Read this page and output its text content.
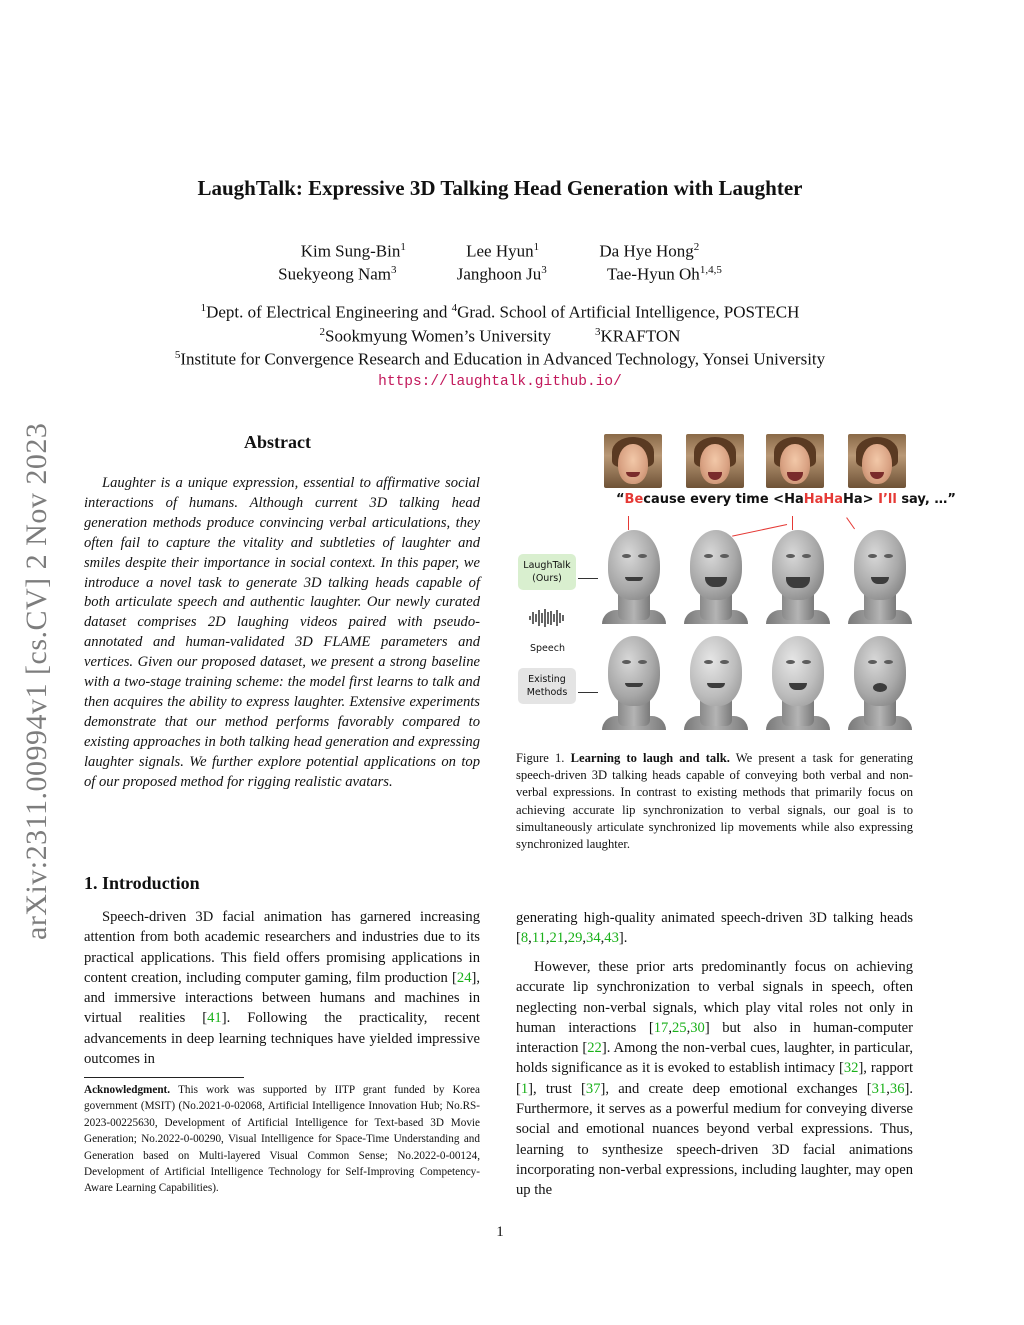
LaughTalk: Expressive 3D Talking Head Generation with Laughter
Kim Sung-Bin$^1$	Lee Hyun$^1$	Da Hye Hong$^2$
Suekyeong Nam$^3$	Janghoon Ju$^3$	Tae-Hyun Oh$^{1,4,5}$
$^1$Dept. of Electrical Engineering and $^4$Grad. School of Artificial Intelligence, POSTECH
$^2$Sookmyung Women’s University	$^3$KRAFTON
$^5$Institute for Convergence Research and Education in Advanced Technology, Yonsei University
https://laughtalk.github.io/
arXiv:2311.00994v1 [cs.CV] 2 Nov 2023	Abstract
Laughter is a unique expression, essential to affirmative social interactions of humans. Although current 3D talking head generation methods produce convincing verbal articulations, they often fail to capture the vitality and subtleties of laughter and smiles despite their importance in social context. In this paper, we introduce a novel task to generate 3D talking heads capable of both articulate speech and authentic laughter. Our newly curated dataset comprises 2D laughing videos paired with pseudo-annotated and human-validated 3D FLAME parameters and vertices. Given our proposed dataset, we present a strong baseline with a two-stage training scheme: the model first learns to talk and then acquires the ability to express laughter. Extensive experiments demonstrate that our method performs favorably compared to existing approaches in both talking head generation and expressing laughter signals. We further explore potential applications on top of our proposed method for rigging realistic avatars.
“Because every time <HaHaHaHa> I’ll say, …”
LaughTalk
(Ours)
Speech
Existing
Methods
Figure 1. Learning to laugh and talk. We present a task for generating speech-driven 3D talking heads capable of conveying both verbal and non-verbal expressions. In contrast to existing methods that primarily focus on achieving accurate lip synchronization to verbal signals, our goal is to simultaneously articulate synchronized lip movements while also expressing synchronized laughter.
1. Introduction
Speech-driven 3D facial animation has garnered increasing attention from both academic researchers and industries due to its practical applications. This field offers promising applications in content creation, including computer gaming, film production [24], and immersive interactions between humans and machines in virtual realities [41]. Following the practicality, recent advancements in deep learning techniques have yielded impressive outcomes in
Acknowledgment. This work was supported by IITP grant funded by Korea government (MSIT) (No.2021-0-02068, Artificial Intelligence Innovation Hub; No.RS-2023-00225630, Development of Artificial Intelligence for Text-based 3D Movie Generation; No.2022-0-00290, Visual Intelligence for Space-Time Understanding and Generation based on Multi-layered Visual Common Sense; No.2022-0-00124, Development of Artificial Intelligence Technology for Self-Improving Competency-Aware Learning Capabilities).
generating high-quality animated speech-driven 3D talking heads [8,11,21,29,34,43].
However, these prior arts predominantly focus on achieving accurate lip synchronization to verbal signals in speech, often neglecting non-verbal signals, which play vital roles not only in human interactions [17,25,30] but also in human-computer interaction [22]. Among the non-verbal cues, laughter, in particular, holds significance as it is evoked to establish intimacy [32], rapport [1], trust [37], and create deep emotional exchanges [31,36]. Furthermore, it serves as a powerful medium for conveying diverse social and emotional nuances beyond verbal expressions. Thus, learning to synthesize speech-driven 3D facial animations incorporating non-verbal expressions, including laughter, may open up the
1
